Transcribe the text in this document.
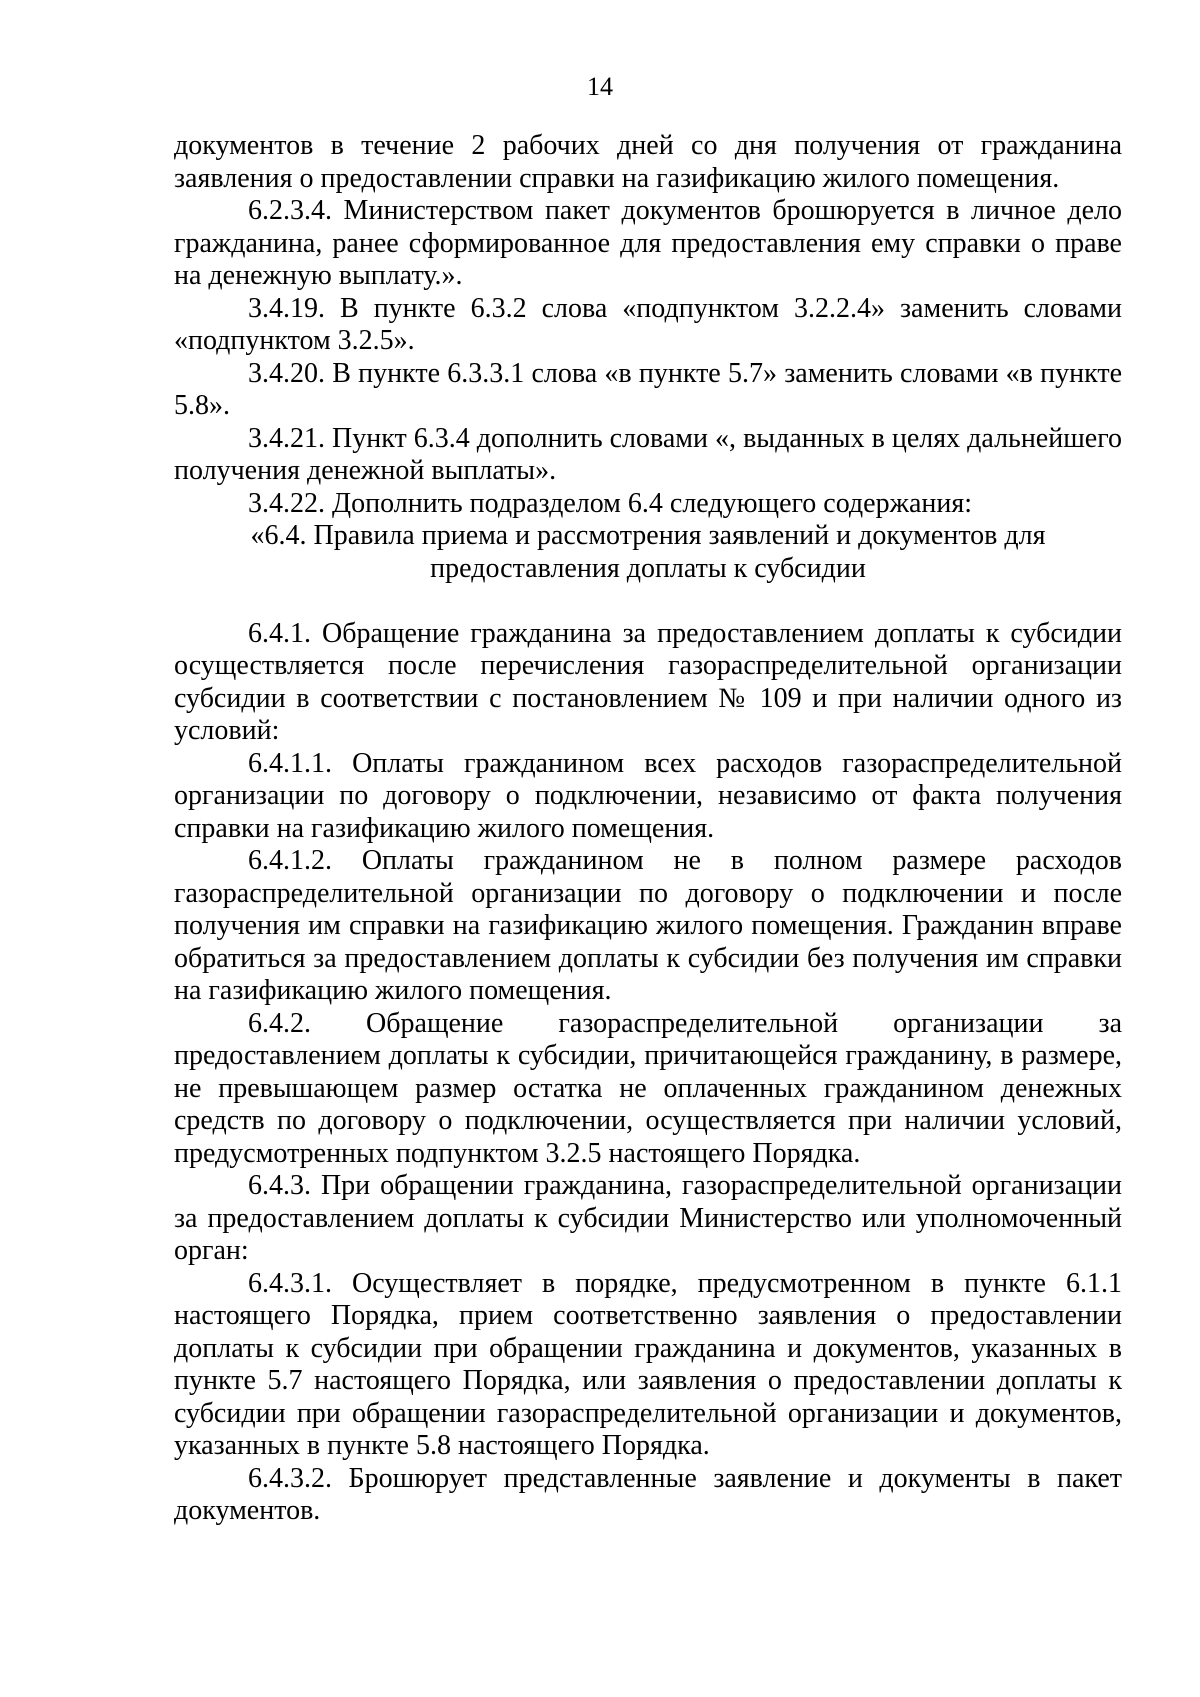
14

документов в течение 2 рабочих дней со дня получения от гражданина заявления о предоставлении справки на газификацию жилого помещения.

6.2.3.4. Министерством пакет документов брошюруется в личное дело гражданина, ранее сформированное для предоставления ему справки о праве на денежную выплату.».

3.4.19. В пункте 6.3.2 слова «подпунктом 3.2.2.4» заменить словами «подпунктом 3.2.5».

3.4.20. В пункте 6.3.3.1 слова «в пункте 5.7» заменить словами «в пункте 5.8».

3.4.21. Пункт 6.3.4 дополнить словами «, выданных в целях дальнейшего получения денежной выплаты».

3.4.22. Дополнить подразделом 6.4 следующего содержания:

«6.4. Правила приема и рассмотрения заявлений и документов для

предоставления доплаты к субсидии

6.4.1. Обращение гражданина за предоставлением доплаты к субсидии осуществляется после перечисления газораспределительной организации субсидии в соответствии с постановлением № 109 и при наличии одного из условий:

6.4.1.1. Оплаты гражданином всех расходов газораспределительной организации по договору о подключении, независимо от факта получения справки на газификацию жилого помещения.

6.4.1.2. Оплаты гражданином не в полном размере расходов газораспределительной организации по договору о подключении и после получения им справки на газификацию жилого помещения. Гражданин вправе обратиться за предоставлением доплаты к субсидии без получения им справки на газификацию жилого помещения.

6.4.2. Обращение газораспределительной организации за предоставлением доплаты к субсидии, причитающейся гражданину, в размере, не превышающем размер остатка не оплаченных гражданином денежных средств по договору о подключении, осуществляется при наличии условий, предусмотренных подпунктом 3.2.5 настоящего Порядка.

6.4.3. При обращении гражданина, газораспределительной организации за предоставлением доплаты к субсидии Министерство или уполномоченный орган:

6.4.3.1. Осуществляет в порядке, предусмотренном в пункте 6.1.1 настоящего Порядка, прием соответственно заявления о предоставлении доплаты к субсидии при обращении гражданина и документов, указанных в пункте 5.7 настоящего Порядка, или заявления о предоставлении доплаты к субсидии при обращении газораспределительной организации и документов, указанных в пункте 5.8 настоящего Порядка.

6.4.3.2. Брошюрует представленные заявление и документы в пакет документов.
